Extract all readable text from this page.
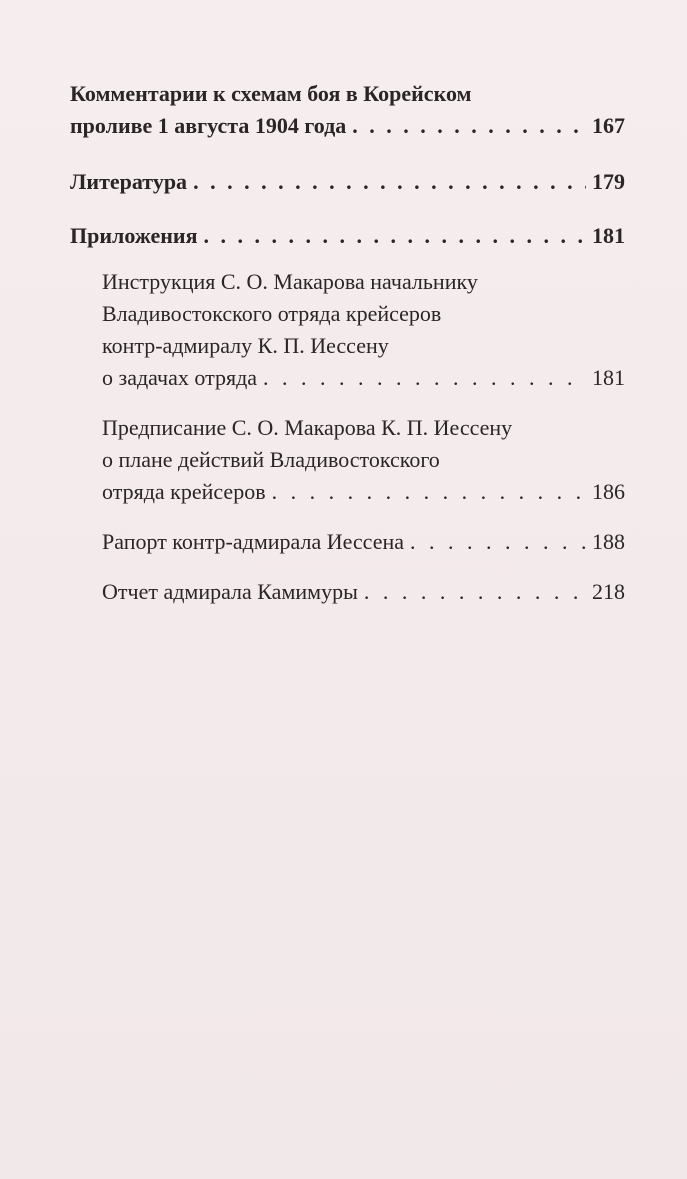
Комментарии к схемам боя в Корейском
проливе 1 августа 1904 года . . .	167
Литература . . .	179
Приложения . . .	181
Инструкция С. О. Макарова начальнику
Владивостокского отряда крейсеров
контр-адмиралу К. П. Иессену
о задачах отряда . . .	181
Предписание С. О. Макарова К. П. Иессену
о плане действий Владивостокского
отряда крейсеров . . .	186
Рапорт контр-адмирала Иессена . . .	188
Отчет адмирала Камимуры . . .	218
